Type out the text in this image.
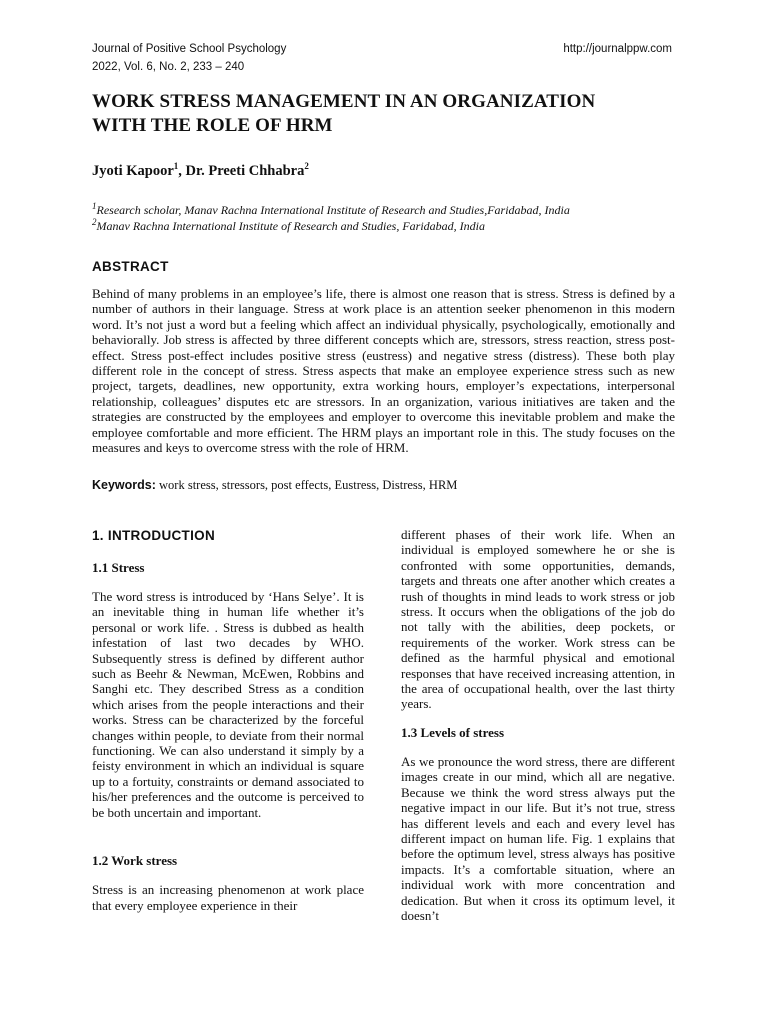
Journal of Positive School Psychology
2022, Vol. 6, No. 2, 233 – 240
http://journalppw.com
WORK STRESS MANAGEMENT IN AN ORGANIZATION
WITH THE ROLE OF HRM

Jyoti Kapoor$^1$, Dr. Preeti Chhabra$^2$

$^1$Research scholar, Manav Rachna International Institute of Research and Studies,Faridabad, India

$^2$Manav Rachna International Institute of Research and Studies, Faridabad, India

ABSTRACT

Behind of many problems in an employee’s life, there is almost one reason that is stress. Stress is defined by a number of authors in their language. Stress at work place is an attention seeker phenomenon in this modern word. It’s not just a word but a feeling which affect an individual physically, psychologically, emotionally and behaviorally. Job stress is affected by three different concepts which are, stressors, stress reaction, stress post-effect. Stress post-effect includes positive stress (eustress) and negative stress (distress). These both play different role in the concept of stress. Stress aspects that make an employee experience stress such as new project, targets, deadlines, new opportunity, extra working hours, employer’s expectations, interpersonal relationship, colleagues’ disputes etc are stressors. In an organization, various initiatives are taken and the strategies are constructed by the employees and employer to overcome this inevitable problem and make the employee comfortable and more efficient. The HRM plays an important role in this. The study focuses on the measures and keys to overcome stress with the role of HRM.

Keywords: work stress, stressors, post effects, Eustress, Distress, HRM

1. INTRODUCTION
1.1 Stress

The word stress is introduced by ‘Hans Selye’. It is an inevitable thing in human life whether it’s personal or work life. . Stress is dubbed as health infestation of last two decades by WHO. Subsequently stress is defined by different author such as Beehr & Newman, McEwen, Robbins and Sanghi etc. They described Stress as a condition which arises from the people interactions and their works. Stress can be characterized by the forceful changes within people, to deviate from their normal functioning. We can also understand it simply by a feisty environment in which an individual is square up to a fortuity, constraints or demand associated to his/her preferences and the outcome is perceived to be both uncertain and important.

1.2 Work stress

Stress is an increasing phenomenon at work place that every employee experience in their

different phases of their work life. When an individual is employed somewhere he or she is confronted with some opportunities, demands, targets and threats one after another which creates a rush of thoughts in mind leads to work stress or job stress. It occurs when the obligations of the job do not tally with the abilities, deep pockets, or requirements of the worker. Work stress can be defined as the harmful physical and emotional responses that have received increasing attention, in the area of occupational health, over the last thirty years.

1.3 Levels of stress

As we pronounce the word stress, there are different images create in our mind, which all are negative. Because we think the word stress always put the negative impact in our life. But it’s not true, stress has different levels and each and every level has different impact on human life. Fig. 1 explains that before the optimum level, stress always has positive impacts. It’s a comfortable situation, where an individual work with more concentration and dedication. But when it cross its optimum level, it doesn’t
